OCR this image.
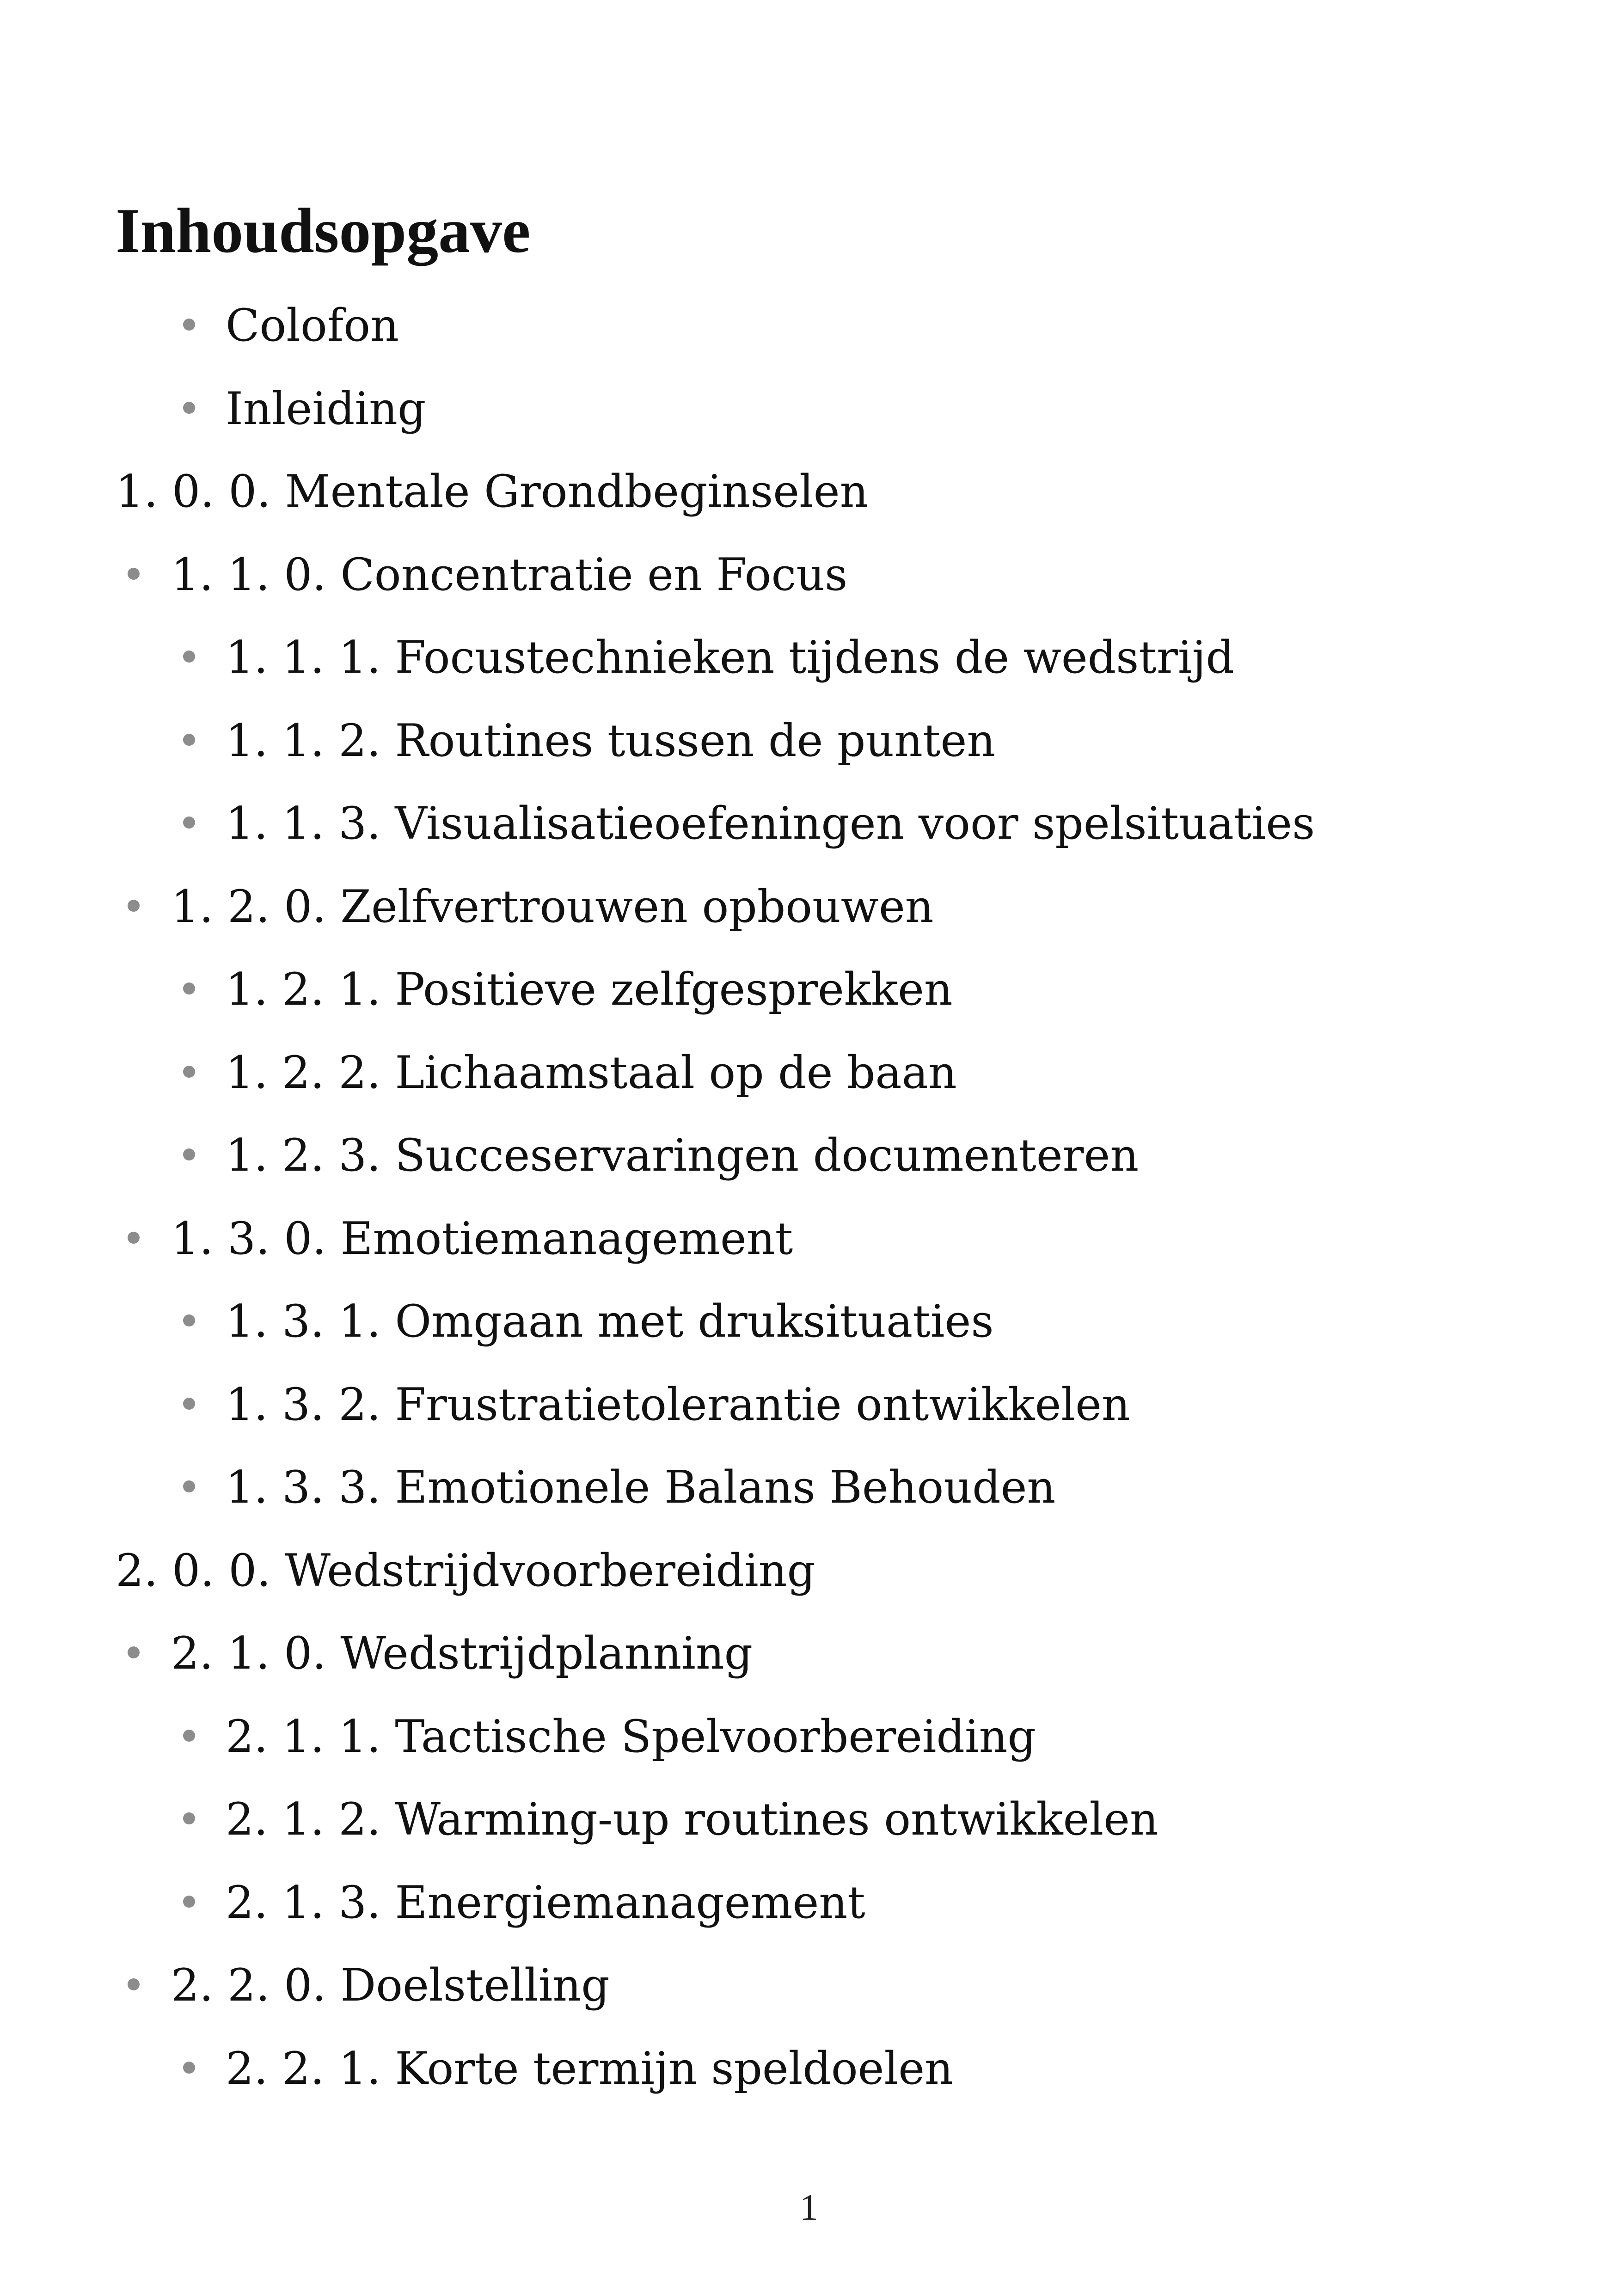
Inhoudsopgave
Colofon
Inleiding
1. 0. 0. Mentale Grondbeginselen
1. 1. 0. Concentratie en Focus
1. 1. 1. Focustechnieken tijdens de wedstrijd
1. 1. 2. Routines tussen de punten
1. 1. 3. Visualisatieoefeningen voor spelsituaties
1. 2. 0. Zelfvertrouwen opbouwen
1. 2. 1. Positieve zelfgesprekken
1. 2. 2. Lichaamstaal op de baan
1. 2. 3. Succeservaringen documenteren
1. 3. 0. Emotiemanagement
1. 3. 1. Omgaan met druksituaties
1. 3. 2. Frustratietolerantie ontwikkelen
1. 3. 3. Emotionele Balans Behouden
2. 0. 0. Wedstrijdvoorbereiding
2. 1. 0. Wedstrijdplanning
2. 1. 1. Tactische Spelvoorbereiding
2. 1. 2. Warming-up routines ontwikkelen
2. 1. 3. Energiemanagement
2. 2. 0. Doelstelling
2. 2. 1. Korte termijn speldoelen
1
